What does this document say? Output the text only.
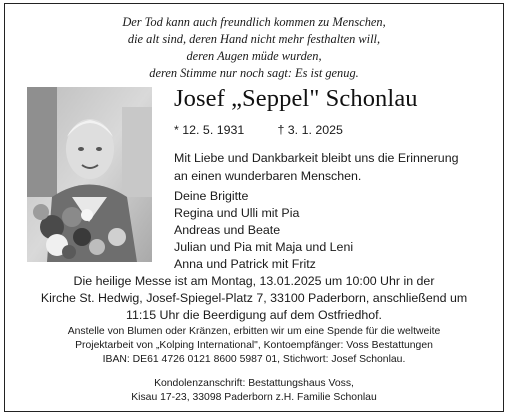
Der Tod kann auch freundlich kommen zu Menschen,
die alt sind, deren Hand nicht mehr festhalten will,
deren Augen müde wurden,
deren Stimme nur noch sagt: Es ist genug.
Josef „Seppel" Schonlau
* 12. 5. 1931	† 3. 1. 2025
Mit Liebe und Dankbarkeit bleibt uns die Erinnerung
an einen wunderbaren Menschen.
Deine Brigitte
Regina und Ulli mit Pia
Andreas und Beate
Julian und Pia mit Maja und Leni
Anna und Patrick mit Fritz
Die heilige Messe ist am Montag, 13.01.2025 um 10:00 Uhr in der
Kirche St. Hedwig, Josef-Spiegel-Platz 7, 33100 Paderborn, anschließend um
11:15 Uhr die Beerdigung auf dem Ostfriedhof.
Anstelle von Blumen oder Kränzen, erbitten wir um eine Spende für die weltweite
Projektarbeit von „Kolping International", Kontoempfänger: Voss Bestattungen
IBAN: DE61 4726 0121 8600 5987 01, Stichwort: Josef Schonlau.
Kondolenzanschrift: Bestattungshaus Voss,
Kisau 17-23, 33098 Paderborn z.H. Familie Schonlau
